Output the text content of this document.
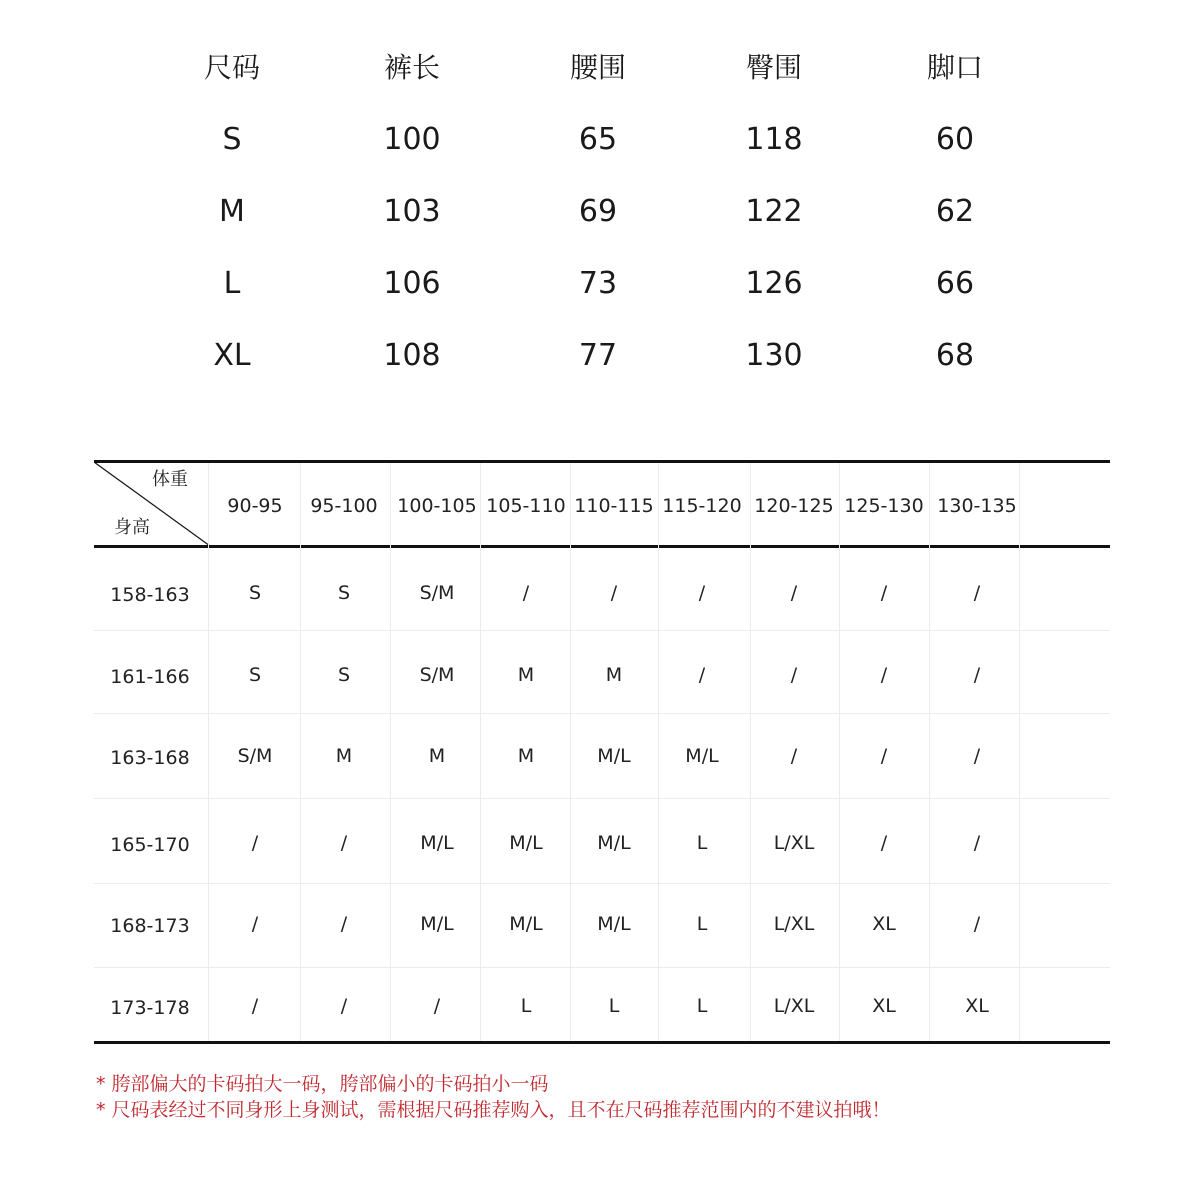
尺码	裤长	腰围	臀围	脚口
S	100	65	118	60
M	103	69	122	62
L	106	73	126	66
XL	108	77	130	68
体重
身高
90-95	95-100	100-105 105-110 110-115 115-120 120-125 125-130 130-135
158-163	S	S	S/M	/	/	/	/	/	/
161-166	S	S	S/M	M	M	/	/	/	/
163-168	S/M	M	M	M	M/L	M/L	/	/	/
165-170	/	/	M/L	M/L	M/L	L	L/XL	/	/
168-173	/	/	M/L	M/L	M/L	L	L/XL	XL	/
173-178	/	/	/	L	L	L	L/XL	XL	XL
* 胯部偏大的卡码拍大一码，胯部偏小的卡码拍小一码
* 尺码表经过不同身形上身测试，需根据尺码推荐购入，且不在尺码推荐范围内的不建议拍哦！
